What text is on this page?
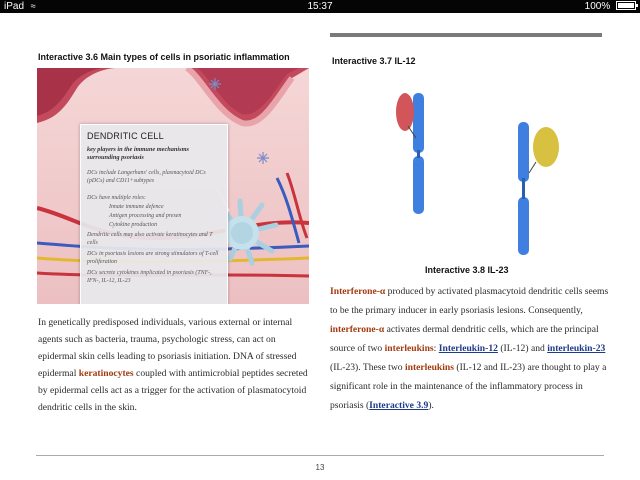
iPad ≈	15:37	100%
Interactive 3.6 Main types of cells in psoriatic inflammation
DENDRITIC CELL
key players in the immune mechanisms surrounding psoriasis
DCs include Langerhans' cells, plasmacytoid DCs (pDCs) and CD11+subtypes
DCs have multiple roles:
Innate immune defence
Antigen processing and presen
Cytokine production
Dendritic cells may also activate keratinocytes and T cells
DCs in psoriasis lesions are strong stimulators of T-cell proliferation
DCs secrete cytokines implicated in psoriasis (TNF-, IFN-, IL-12, IL-23
In genetically predisposed individuals, various external or internal agents such as bacteria, trauma, psychologic stress, can act on epidermal skin cells leading to psoriasis initiation. DNA of stressed epidermal keratinocytes coupled with antimicrobial peptides secreted by epidermal cells act as a trigger for the activation of plasmatocytoid dendritic cells in the skin.
Interactive 3.7 IL-12
Interactive 3.8 IL-23
Interferone-α produced by activated plasmacytoid dendritic cells seems to be the primary inducer in early psoriasis lesions. Consequently, interferone-α activates dermal dendritic cells, which are the principal source of two interleukins: Interleukin-12 (IL-12) and interleukin-23 (IL-23). These two interleukins (IL-12 and IL-23) are thought to play a significant role in the maintenance of the inflammatory process in psoriasis (Interactive 3.9).
13
